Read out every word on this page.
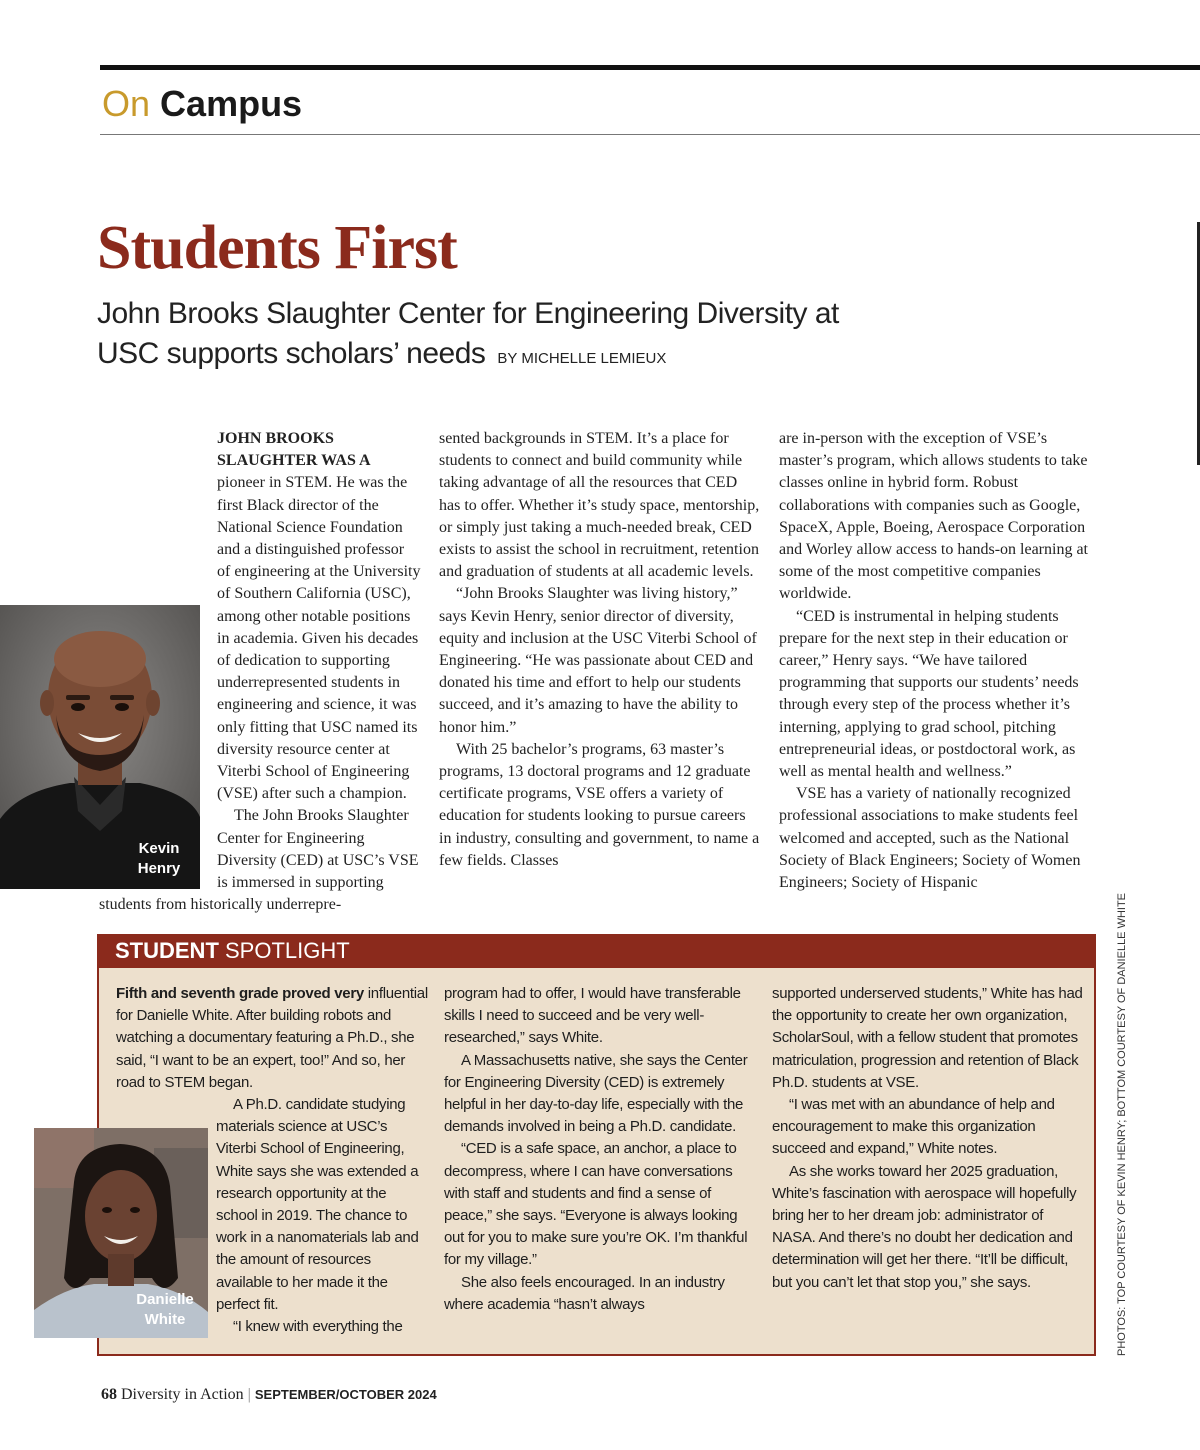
On Campus
Students First
John Brooks Slaughter Center for Engineering Diversity at USC supports scholars’ needs BY MICHELLE LEMIEUX

JOHN BROOKS SLAUGHTER WAS A pioneer in STEM. He was the first Black director of the National Science Foundation and a distinguished professor of engineering at the University of Southern California (USC), among other notable positions in academia. Given his decades of dedication to supporting underrepresented students in engineering and science, it was only fitting that USC named its diversity resource center at Viterbi School of Engineering (VSE) after such a champion.

The John Brooks Slaughter Center for Engineering Diversity (CED) at USC’s VSE is immersed in supporting students from historically underrepre-

sented backgrounds in STEM. It’s a place for students to connect and build community while taking advantage of all the resources that CED has to offer. Whether it’s study space, mentorship, or simply just taking a much-needed break, CED exists to assist the school in recruitment, retention and graduation of students at all academic levels.

“John Brooks Slaughter was living history,” says Kevin Henry, senior director of diversity, equity and inclusion at the USC Viterbi School of Engineering. “He was passionate about CED and donated his time and effort to help our students succeed, and it’s amazing to have the ability to honor him.”

With 25 bachelor’s programs, 63 master’s programs, 13 doctoral programs and 12 graduate certificate programs, VSE offers a variety of education for students looking to pursue careers in industry, consulting and government, to name a few fields. Classes

are in-person with the exception of VSE’s master’s program, which allows students to take classes online in hybrid form. Robust collaborations with companies such as Google, SpaceX, Apple, Boeing, Aerospace Corporation and Worley allow access to hands-on learning at some of the most competitive companies worldwide.

“CED is instrumental in helping students prepare for the next step in their education or career,” Henry says. “We have tailored programming that supports our students’ needs through every step of the process whether it’s interning, applying to grad school, pitching entrepreneurial ideas, or postdoctoral work, as well as mental health and wellness.”

VSE has a variety of nationally recognized professional associations to make students feel welcomed and accepted, such as the National Society of Black Engineers; Society of Women Engineers; Society of Hispanic

Kevin Henry
STUDENT SPOTLIGHT

Fifth and seventh grade proved very influential for Danielle White. After building robots and watching a documentary featuring a Ph.D., she said, “I want to be an expert, too!” And so, her road to STEM began.

A Ph.D. candidate studying materials science at USC’s Viterbi School of Engineering, White says she was extended a research opportunity at the school in 2019. The chance to work in a nanomaterials lab and the amount of resources available to her made it the perfect fit.

“I knew with everything the

program had to offer, I would have transferable skills I need to succeed and be very well-researched,” says White.

A Massachusetts native, she says the Center for Engineering Diversity (CED) is extremely helpful in her day-to-day life, especially with the demands involved in being a Ph.D. candidate.

“CED is a safe space, an anchor, a place to decompress, where I can have conversations with staff and students and find a sense of peace,” she says. “Everyone is always looking out for you to make sure you’re OK. I’m thankful for my village.”

She also feels encouraged. In an industry where academia “hasn’t always

supported underserved students,” White has had the opportunity to create her own organization, ScholarSoul, with a fellow student that promotes matriculation, progression and retention of Black Ph.D. students at VSE.

“I was met with an abundance of help and encouragement to make this organization succeed and expand,” White notes.

As she works toward her 2025 graduation, White’s fascination with aerospace will hopefully bring her to her dream job: administrator of NASA. And there’s no doubt her dedication and determination will get her there. “It’ll be difficult, but you can’t let that stop you,” she says.

Danielle White	PHOTOS: TOP COURTESY OF KEVIN HENRY; BOTTOM COURTESY OF DANIELLE WHITE
68 Diversity in Action | SEPTEMBER/OCTOBER 2024
